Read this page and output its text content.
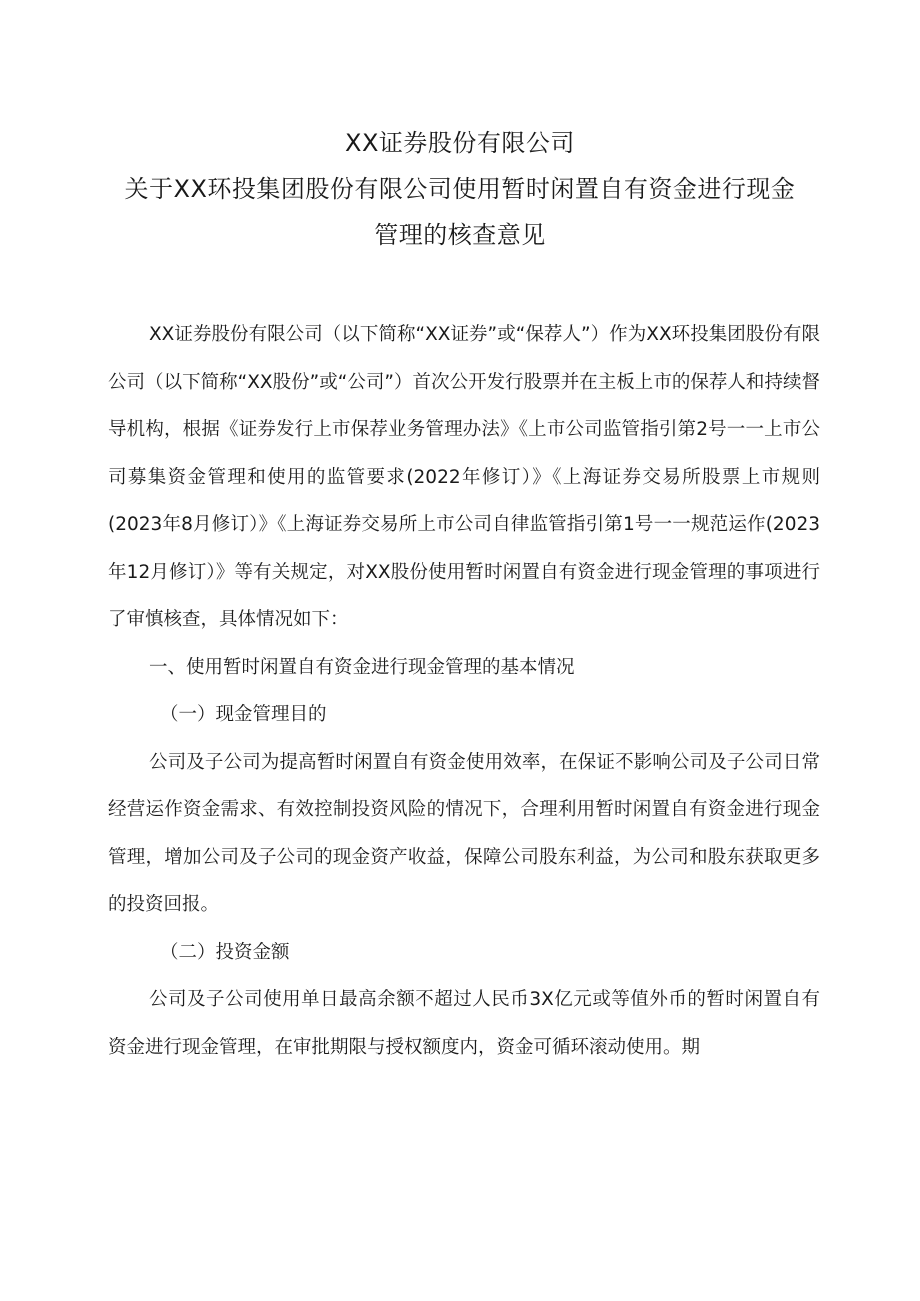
XX证券股份有限公司
关于XX环投集团股份有限公司使用暂时闲置自有资金进行现金
管理的核查意见

XX证券股份有限公司（以下简称“XX证券”或“保荐人”）作为XX环投集团股份有限公司（以下简称“XX股份”或“公司”）首次公开发行股票并在主板上市的保荐人和持续督导机构，根据《证券发行上市保荐业务管理办法》《上市公司监管指引第2号一一上市公司募集资金管理和使用的监管要求(2022年修订）》《上海证券交易所股票上市规则(2023年8月修订）》《上海证券交易所上市公司自律监管指引第1号一一规范运作(2023年12月修订）》等有关规定，对XX股份使用暂时闲置自有资金进行现金管理的事项进行了审慎核查，具体情况如下：

一、使用暂时闲置自有资金进行现金管理的基本情况

（一）现金管理目的

公司及子公司为提高暂时闲置自有资金使用效率，在保证不影响公司及子公司日常经营运作资金需求、有效控制投资风险的情况下，合理利用暂时闲置自有资金进行现金管理，增加公司及子公司的现金资产收益，保障公司股东利益，为公司和股东获取更多的投资回报。

（二）投资金额

公司及子公司使用单日最高余额不超过人民币3X亿元或等值外币的暂时闲置自有资金进行现金管理，在审批期限与授权额度内，资金可循环滚动使用。期
